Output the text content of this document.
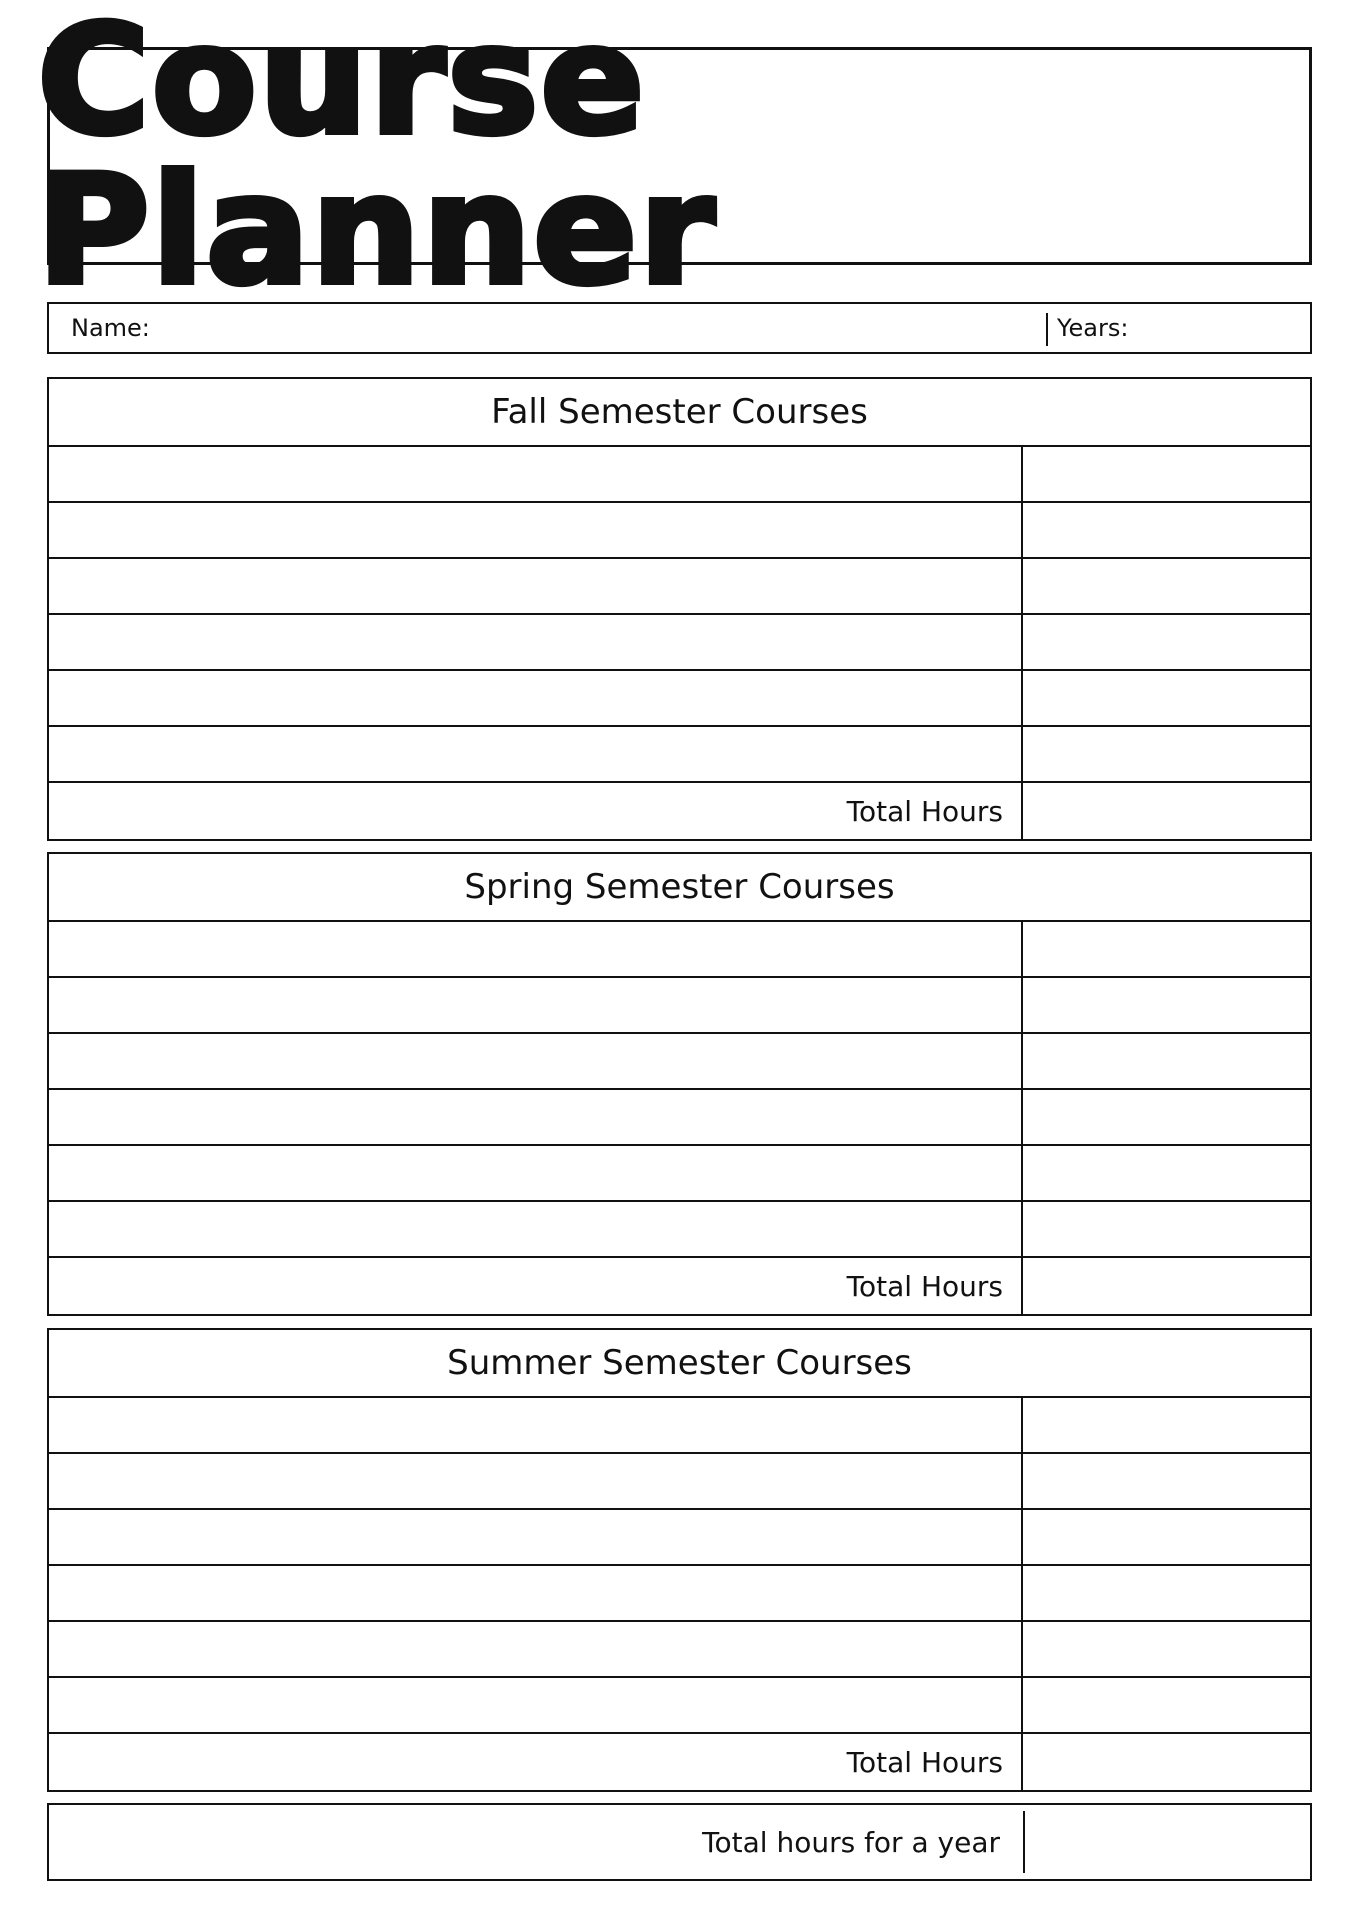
Course Planner
Name:	Years:
Fall Semester Courses
Total Hours
Spring Semester Courses
Total Hours
Summer Semester Courses
Total Hours
Total hours for a year
